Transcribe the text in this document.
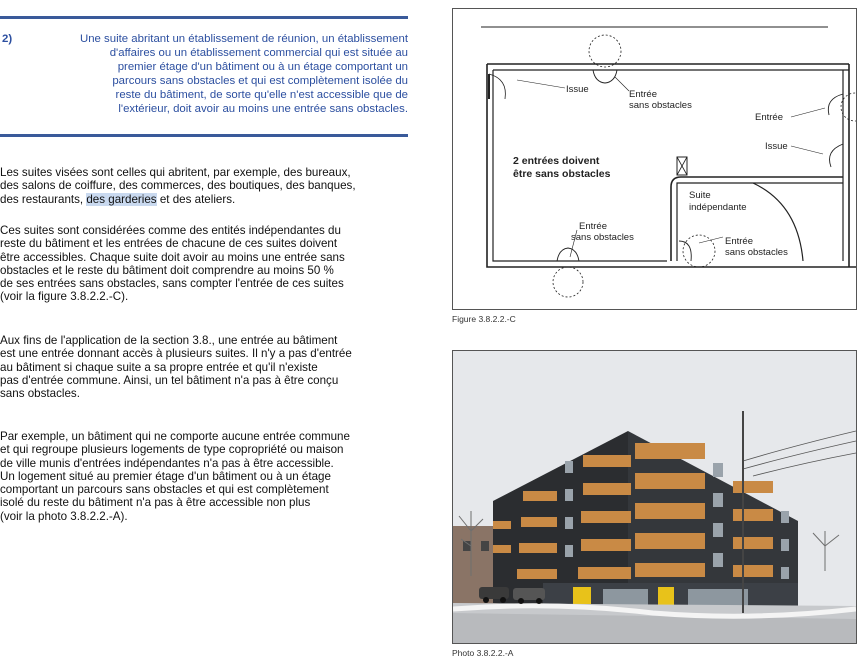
2)	Une suite abritant un établissement de réunion, un établissement
d'affaires ou un établissement commercial qui est située au
premier étage d'un bâtiment ou à un étage comportant un
parcours sans obstacles et qui est complètement isolée du
reste du bâtiment, de sorte qu'elle n'est accessible que de
l'extérieur, doit avoir au moins une entrée sans obstacles.
Les suites visées sont celles qui abritent, par exemple, des bureaux,
des salons de coiffure, des commerces, des boutiques, des banques,
des restaurants, des garderies et des ateliers.
Ces suites sont considérées comme des entités indépendantes du
reste du bâtiment et les entrées de chacune de ces suites doivent
être accessibles. Chaque suite doit avoir au moins une entrée sans
obstacles et le reste du bâtiment doit comprendre au moins 50 %
de ses entrées sans obstacles, sans compter l'entrée de ces suites
(voir la figure 3.8.2.2.-C).
Aux fins de l'application de la section 3.8., une entrée au bâtiment
est une entrée donnant accès à plusieurs suites. Il n'y a pas d'entrée
au bâtiment si chaque suite a sa propre entrée et qu'il n'existe
pas d'entrée commune. Ainsi, un tel bâtiment n'a pas à être conçu
sans obstacles.
Par exemple, un bâtiment qui ne comporte aucune entrée commune
et qui regroupe plusieurs logements de type copropriété ou maison
de ville munis d'entrées indépendantes n'a pas à être accessible.
Un logement situé au premier étage d'un bâtiment ou à un étage
comportant un parcours sans obstacles et qui est complètement
isolé du reste du bâtiment n'a pas à être accessible non plus
(voir la photo 3.8.2.2.-A).
Issue	Entrée
sans obstacles
Entrée
Issue
2 entrées doivent
être sans obstacles
Suite
indépendante
Entrée
sans obstacles	Entrée
sans obstacles
Figure 3.8.2.2.-C
Photo 3.8.2.2.-A
